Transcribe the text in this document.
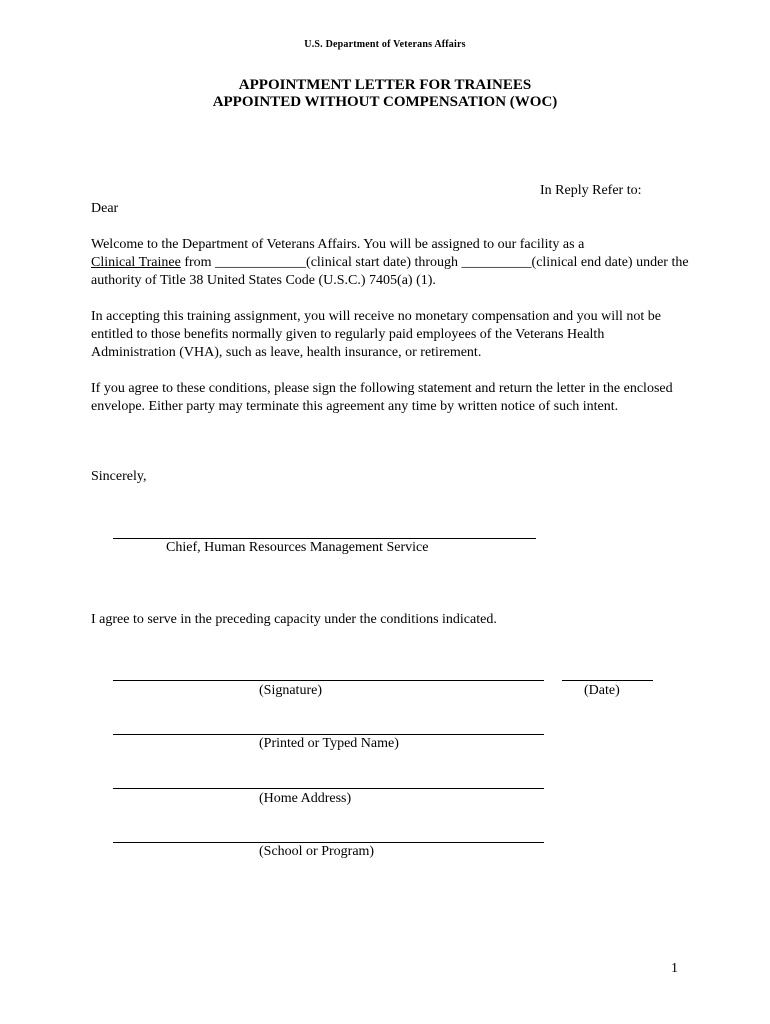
U.S. Department of Veterans Affairs
APPOINTMENT LETTER FOR TRAINEES
APPOINTED WITHOUT COMPENSATION (WOC)
In Reply Refer to:
Dear
Welcome to the Department of Veterans Affairs. You will be assigned to our facility as a
Clinical Trainee from _____________(clinical start date) through __________(clinical end date) under the authority of Title 38 United States Code (U.S.C.) 7405(a) (1).
In accepting this training assignment, you will receive no monetary compensation and you will not be entitled to those benefits normally given to regularly paid employees of the Veterans Health Administration (VHA), such as leave, health insurance, or retirement.
If you agree to these conditions, please sign the following statement and return the letter in the enclosed envelope. Either party may terminate this agreement any time by written notice of such intent.
Sincerely,
Chief, Human Resources Management Service
I agree to serve in the preceding capacity under the conditions indicated.
(Signature)	(Date)
(Printed or Typed Name)
(Home Address)
(School or Program)
1
